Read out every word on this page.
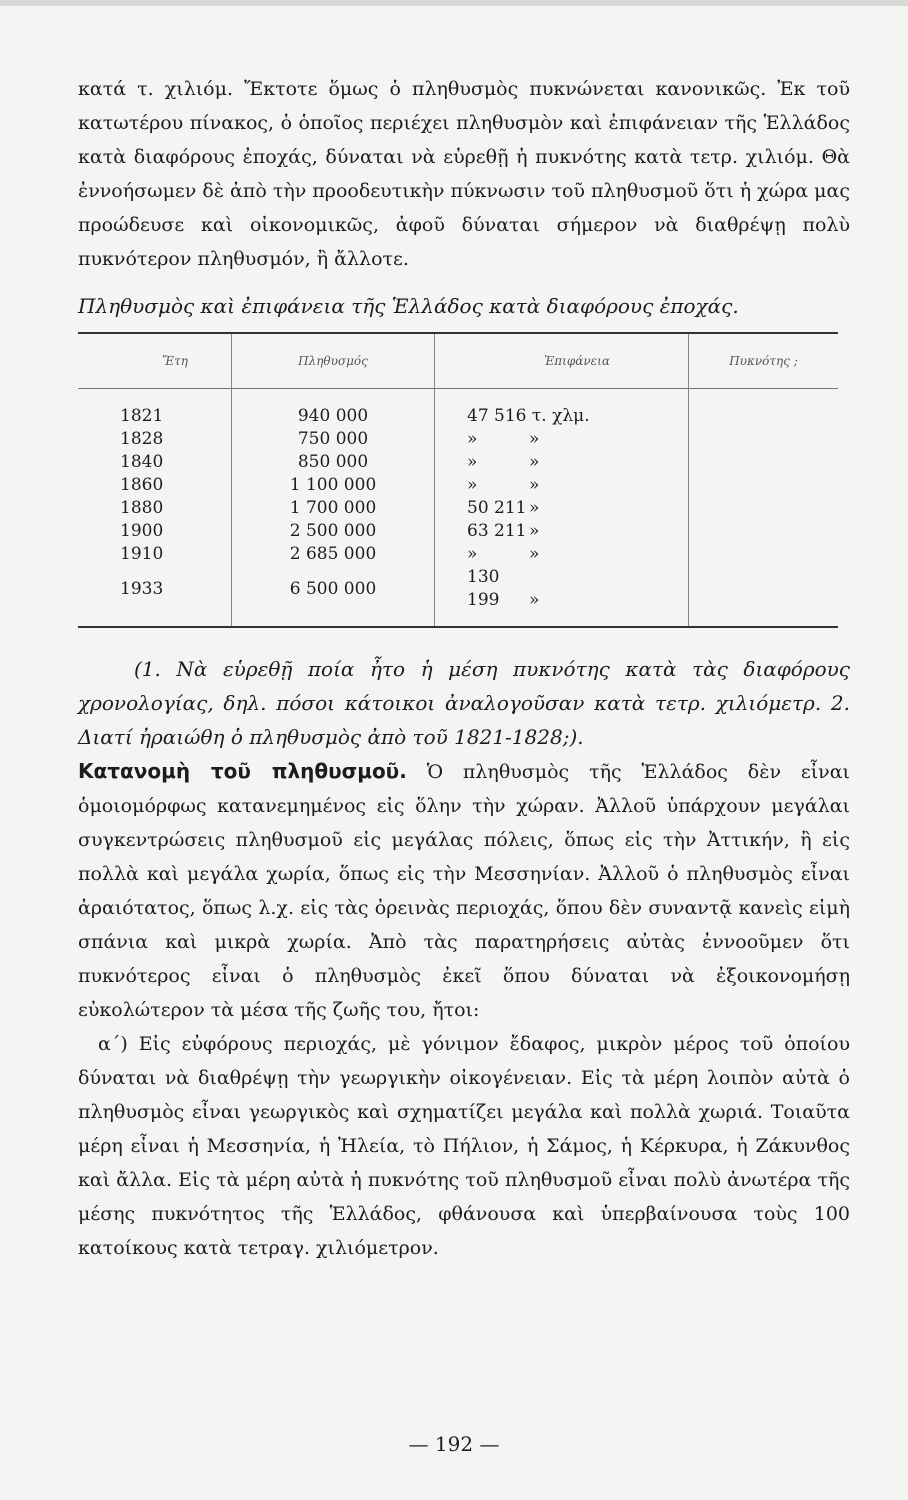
κατά τ. χιλιόμ. Ἔκτοτε ὅμως ὁ πληθυσμὸς πυκνώνεται κανονικῶς. Ἐκ τοῦ κατωτέρου πίνακος, ὁ ὁποῖος περιέχει πληθυσμὸν καὶ ἐπιφάνειαν τῆς Ἑλλάδος κατὰ διαφόρους ἐποχάς, δύναται νὰ εὑρεθῇ ἡ πυκνότης κατὰ τετρ. χιλιόμ. Θὰ ἐννοήσωμεν δὲ ἀπὸ τὴν προοδευτικὴν πύκνωσιν τοῦ πληθυσμοῦ ὅτι ἡ χώρα μας προώδευσε καὶ οἰκονομικῶς, ἀφοῦ δύναται σήμερον νὰ διαθρέψῃ πολὺ πυκνότερον πληθυσμόν, ἢ ἄλλοτε.

Πληθυσμὸς καὶ ἐπιφάνεια τῆς Ἑλλάδος κατὰ διαφόρους ἐποχάς.
Ἔτη	Πληθυσμός	Ἐπιφάνεια	Πυκνότης ;
1821	940 000	47 516 τ. χλμ.	
1828	750 000	» »	
1840	850 000	» »	
1860	1 100 000	» »	
1880	1 700 000	50 211 »	
1900	2 500 000	63 211 »	
1910	2 685 000	» »	
1933	6 500 000	130 199 »	

(1. Νὰ εὑρεθῇ ποία ἦτο ἡ μέση πυκνότης κατὰ τὰς διαφόρους χρονολογίας, δηλ. πόσοι κάτοικοι ἀναλογοῦσαν κατὰ τετρ. χιλιόμετρ. 2. Διατί ἠραιώθη ὁ πληθυσμὸς ἀπὸ τοῦ 1821-1828;).

Κατανομὴ τοῦ πληθυσμοῦ. Ὁ πληθυσμὸς τῆς Ἑλλάδος δὲν εἶναι ὁμοιομόρφως κατανεμημένος εἰς ὅλην τὴν χώραν. Ἀλλοῦ ὑπάρχουν μεγάλαι συγκεντρώσεις πληθυσμοῦ εἰς μεγάλας πόλεις, ὅπως εἰς τὴν Ἀττικήν, ἢ εἰς πολλὰ καὶ μεγάλα χωρία, ὅπως εἰς τὴν Μεσσηνίαν. Ἀλλοῦ ὁ πληθυσμὸς εἶναι ἀραιότατος, ὅπως λ.χ. εἰς τὰς ὀρεινὰς περιοχάς, ὅπου δὲν συναντᾷ κανεὶς εἰμὴ σπάνια καὶ μικρὰ χωρία. Ἀπὸ τὰς παρατηρήσεις αὐτὰς ἐννοοῦμεν ὅτι πυκνότερος εἶναι ὁ πληθυσμὸς ἐκεῖ ὅπου δύναται νὰ ἐξοικονομήσῃ εὐκολώτερον τὰ μέσα τῆς ζωῆς του, ἤτοι:

α΄) Εἰς εὐφόρους περιοχάς, μὲ γόνιμον ἔδαφος, μικρὸν μέρος τοῦ ὁποίου δύναται νὰ διαθρέψῃ τὴν γεωργικὴν οἰκογένειαν. Εἰς τὰ μέρη λοιπὸν αὐτὰ ὁ πληθυσμὸς εἶναι γεωργικὸς καὶ σχηματίζει μεγάλα καὶ πολλὰ χωριά. Τοιαῦτα μέρη εἶναι ἡ Μεσσηνία, ἡ Ἠλεία, τὸ Πήλιον, ἡ Σάμος, ἡ Κέρκυρα, ἡ Ζάκυνθος καὶ ἄλλα. Εἰς τὰ μέρη αὐτὰ ἡ πυκνότης τοῦ πληθυσμοῦ εἶναι πολὺ ἀνωτέρα τῆς μέσης πυκνότητος τῆς Ἑλλάδος, φθάνουσα καὶ ὑπερβαίνουσα τοὺς 100 κατοίκους κατὰ τετραγ. χιλιόμετρον.

— 192 —
